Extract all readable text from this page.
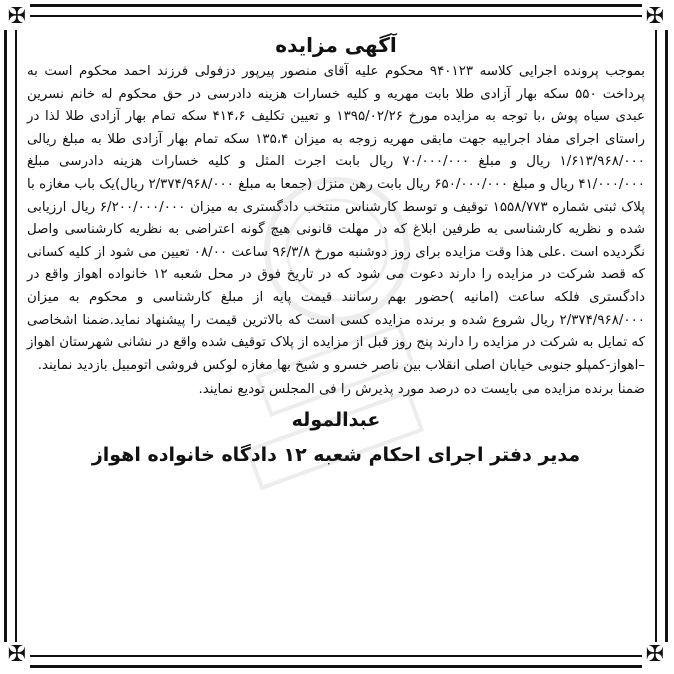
✠	✠
✠	✠
آگهی مزایده

بموجب پرونده اجرایی کلاسه ۹۴۰۱۲۳ محکوم علیه آقای منصور پیرپور دزفولی فرزند احمد محکوم است به پرداخت ۵۵۰ سکه بهار آزادی طلا بابت مهریه و کلیه خسارات هزینه دادرسی در حق محکوم له خانم نسرین عبدی سیاه پوش ،با توجه به مزایده مورخ ۱۳۹۵/۰۲/۲۶ و تعیین تکلیف ۴۱۴،۶ سکه تمام بهار آزادی طلا لذا در راستای اجرای مفاد اجراییه جهت مابقی مهریه زوجه به میزان ۱۳۵،۴ سکه تمام بهار آزادی طلا به مبلغ ریالی ۱/۶۱۳/۹۶۸/۰۰۰ ریال و مبلغ ۷۰/۰۰۰/۰۰۰ ریال بابت اجرت المثل و کلیه خسارات هزینه دادرسی مبلغ ۴۱/۰۰۰/۰۰۰ ریال و مبلغ ۶۵۰/۰۰۰/۰۰۰ ریال بابت رهن منزل (جمعا به مبلغ ۲/۳۷۴/۹۶۸/۰۰۰ ریال)یک باب مغازه با پلاک ثبتی شماره ۱۵۵۸/۷۷۳ توقیف و توسط کارشناس منتخب دادگستری به میزان ۶/۲۰۰/۰۰۰/۰۰۰ ریال ارزیابی شده و نظریه کارشناسی به طرفین ابلاغ که در مهلت قانونی هیچ گونه اعتراضی به نظریه کارشناسی واصل نگردیده است .علی هذا وقت مزایده برای روز دوشنبه مورخ ۹۶/۳/۸ ساعت ۰۸/۰۰ تعیین می شود از کلیه کسانی که قصد شرکت در مزایده را دارند دعوت می شود که در تاریخ فوق در محل شعبه ۱۲ خانواده اهواز واقع در دادگستری فلکه ساعت (امانیه )حضور بهم رسانند قیمت پایه از مبلغ کارشناسی و محکوم به میزان ۲/۳۷۴/۹۶۸/۰۰۰ ریال شروع شده و برنده مزایده کسی است که بالاترین قیمت را پیشنهاد نماید.ضمنا اشخاصی که تمایل به شرکت در مزایده را دارند پنج روز قبل از مزایده از پلاک توقیف شده واقع در نشانی شهرستان اهواز –اهواز-کمپلو جنوبی خیابان اصلی انقلاب بین ناصر خسرو و شیخ بها مغازه لوکس فروشی اتومبیل بازدید نمایند.

ضمنا برنده مزایده می بایست ده درصد مورد پذیرش را فی المجلس تودیع نمایند.

عبدالموله
مدیر دفتر اجرای احکام شعبه ۱۲ دادگاه خانواده اهواز
